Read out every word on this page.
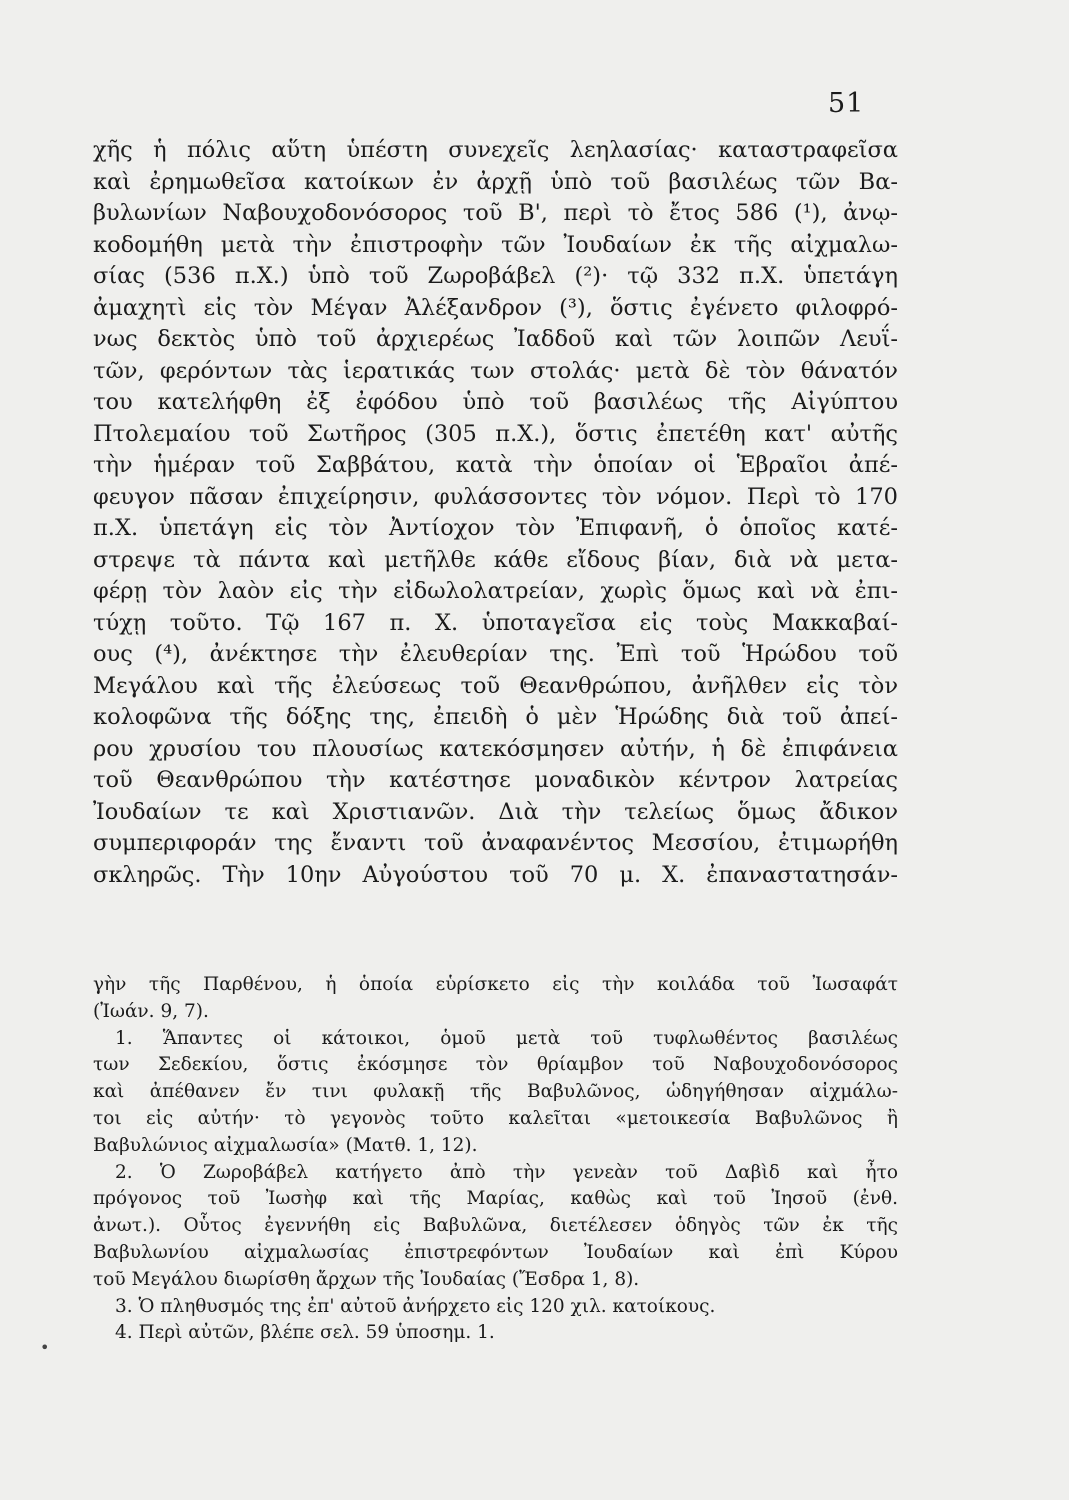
51
χῆς ἡ πόλις αὕτη ὑπέστη συνεχεῖς λεηλασίας· καταστραφεῖσα
καὶ ἐρημωθεῖσα κατοίκων ἐν ἀρχῇ ὑπὸ τοῦ βασιλέως τῶν Βα-
βυλωνίων Ναβουχοδονόσορος τοῦ Β', περὶ τὸ ἔτος 586 (¹), ἀνῳ-
κοδομήθη μετὰ τὴν ἐπιστροφὴν τῶν Ἰουδαίων ἐκ τῆς αἰχμαλω-
σίας (536 π.Χ.) ὑπὸ τοῦ Ζωροβάβελ (²)· τῷ 332 π.Χ. ὑπετάγη
ἀμαχητὶ εἰς τὸν Μέγαν Ἀλέξανδρον (³), ὅστις ἐγένετο φιλοφρό-
νως δεκτὸς ὑπὸ τοῦ ἀρχιερέως Ἰαδδοῦ καὶ τῶν λοιπῶν Λευΐ-
τῶν, φερόντων τὰς ἱερατικάς των στολάς· μετὰ δὲ τὸν θάνατόν
του κατελήφθη ἐξ ἐφόδου ὑπὸ τοῦ βασιλέως τῆς Αἰγύπτου
Πτολεμαίου τοῦ Σωτῆρος (305 π.Χ.), ὅστις ἐπετέθη κατ' αὐτῆς
τὴν ἡμέραν τοῦ Σαββάτου, κατὰ τὴν ὁποίαν οἱ Ἑβραῖοι ἀπέ-
φευγον πᾶσαν ἐπιχείρησιν, φυλάσσοντες τὸν νόμον. Περὶ τὸ 170
π.Χ. ὑπετάγη εἰς τὸν Ἀντίοχον τὸν Ἐπιφανῆ, ὁ ὁποῖος κατέ-
στρεψε τὰ πάντα καὶ μετῆλθε κάθε εἴδους βίαν, διὰ νὰ μετα-
φέρῃ τὸν λαὸν εἰς τὴν εἰδωλολατρείαν, χωρὶς ὅμως καὶ νὰ ἐπι-
τύχῃ τοῦτο. Τῷ 167 π. Χ. ὑποταγεῖσα εἰς τοὺς Μακκαβαί-
ους (⁴), ἀνέκτησε τὴν ἐλευθερίαν της. Ἐπὶ τοῦ Ἡρώδου τοῦ
Μεγάλου καὶ τῆς ἐλεύσεως τοῦ Θεανθρώπου, ἀνῆλθεν εἰς τὸν
κολοφῶνα τῆς δόξης της, ἐπειδὴ ὁ μὲν Ἡρώδης διὰ τοῦ ἀπεί-
ρου χρυσίου του πλουσίως κατεκόσμησεν αὐτήν, ἡ δὲ ἐπιφάνεια
τοῦ Θεανθρώπου τὴν κατέστησε μοναδικὸν κέντρον λατρείας
Ἰουδαίων τε καὶ Χριστιανῶν. Διὰ τὴν τελείως ὅμως ἄδικον
συμπεριφοράν της ἔναντι τοῦ ἀναφανέντος Μεσσίου, ἐτιμωρήθη
σκληρῶς. Τὴν 10ην Αὐγούστου τοῦ 70 μ. Χ. ἐπαναστατησάν-
γὴν τῆς Παρθένου, ἡ ὁποία εὑρίσκετο εἰς τὴν κοιλάδα τοῦ Ἰωσαφάτ
(Ἰωάν. 9, 7).
1. Ἅπαντες οἱ κάτοικοι, ὁμοῦ μετὰ τοῦ τυφλωθέντος βασιλέως
των Σεδεκίου, ὅστις ἐκόσμησε τὸν θρίαμβον τοῦ Ναβουχοδονόσορος
καὶ ἀπέθανεν ἔν τινι φυλακῇ τῆς Βαβυλῶνος, ὡδηγήθησαν αἰχμάλω-
τοι εἰς αὐτήν· τὸ γεγονὸς τοῦτο καλεῖται «μετοικεσία Βαβυλῶνος ἢ
Βαβυλώνιος αἰχμαλωσία» (Ματθ. 1, 12).
2. Ὁ Ζωροβάβελ κατήγετο ἀπὸ τὴν γενεὰν τοῦ Δαβὶδ καὶ ἦτο
πρόγονος τοῦ Ἰωσὴφ καὶ τῆς Μαρίας, καθὼς καὶ τοῦ Ἰησοῦ (ἐνθ.
ἀνωτ.). Οὗτος ἐγεννήθη εἰς Βαβυλῶνα, διετέλεσεν ὁδηγὸς τῶν ἐκ τῆς
Βαβυλωνίου αἰχμαλωσίας ἐπιστρεφόντων Ἰουδαίων καὶ ἐπὶ Κύρου
τοῦ Μεγάλου διωρίσθη ἄρχων τῆς Ἰουδαίας (Ἔσδρα 1, 8).
3. Ὁ πληθυσμός της ἐπ' αὐτοῦ ἀνήρχετο εἰς 120 χιλ. κατοίκους.
4. Περὶ αὐτῶν, βλέπε σελ. 59 ὑποσημ. 1.
•
